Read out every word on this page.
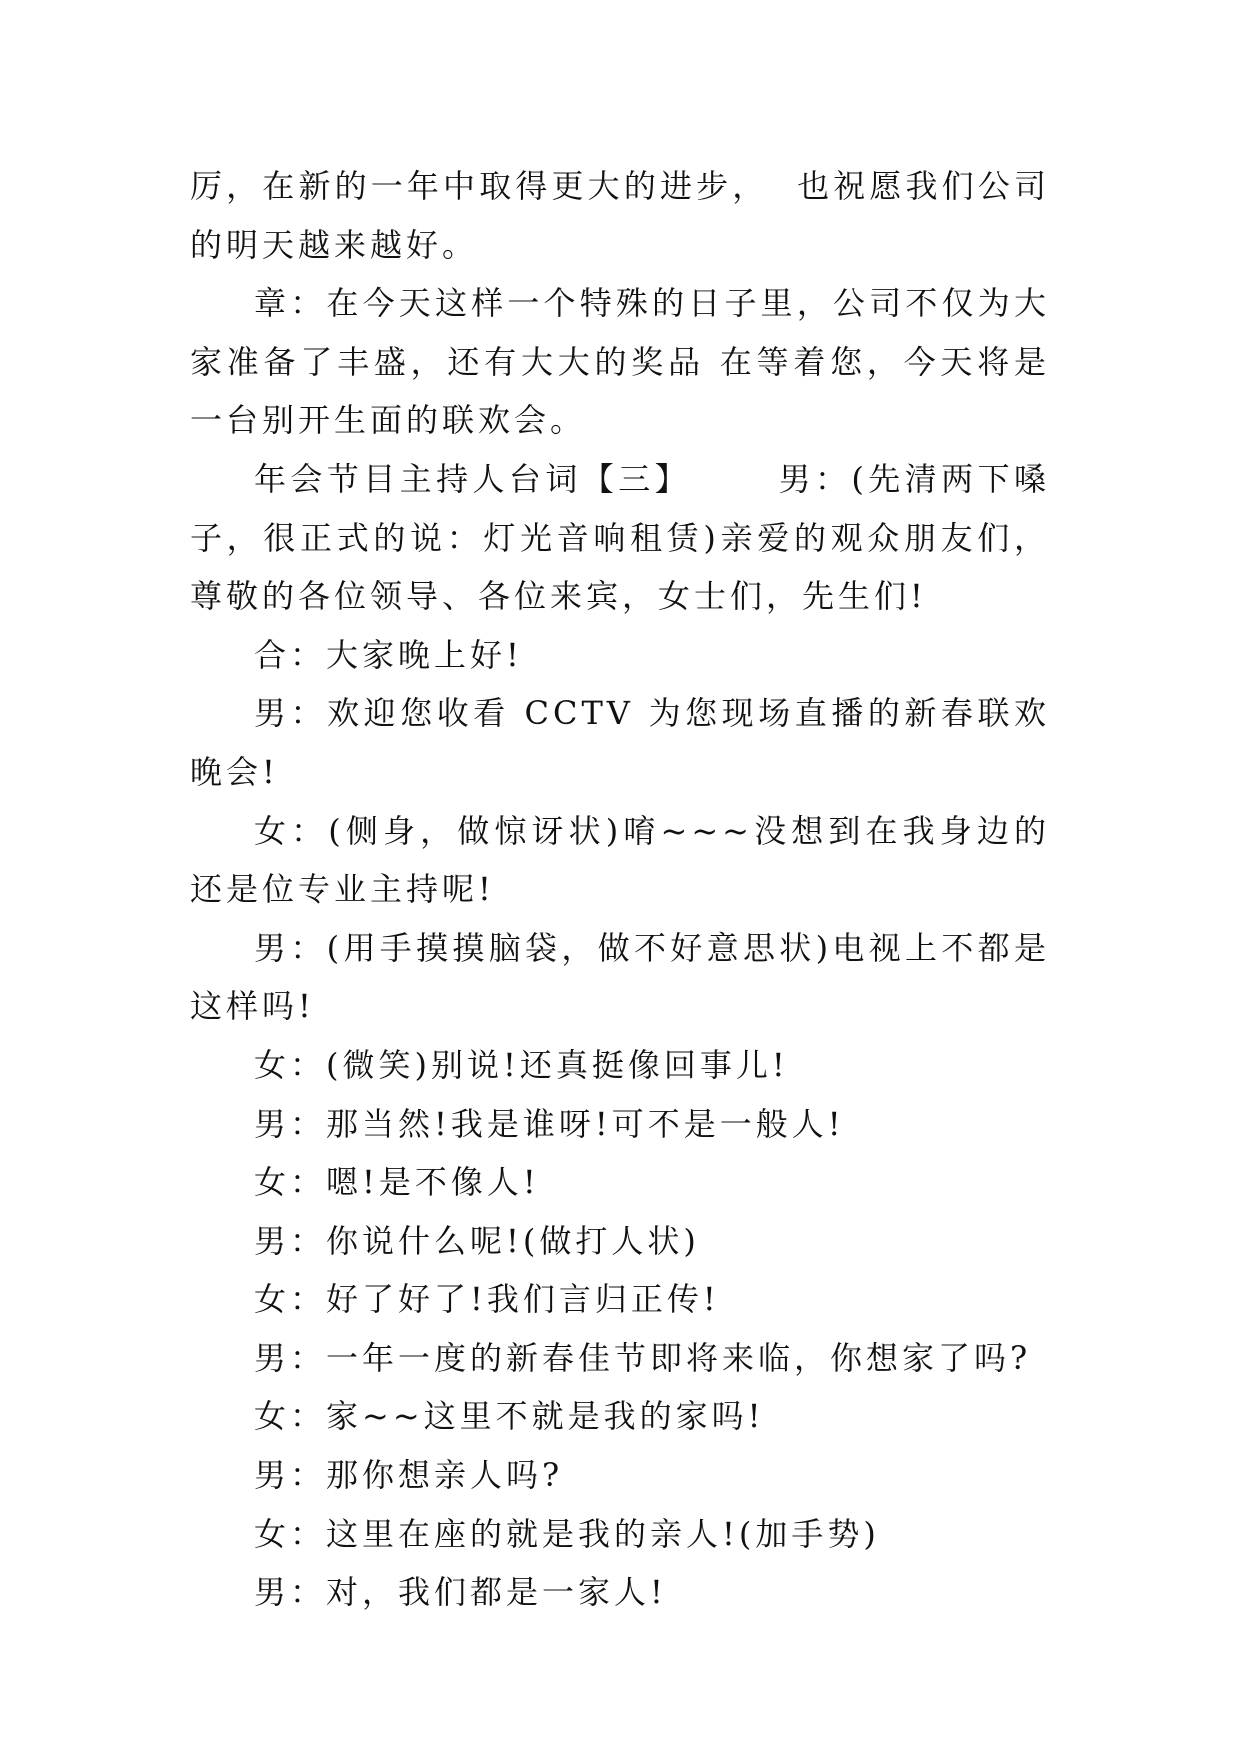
厉，在新的一年中取得更大的进步，  也祝愿我们公司的明天越来越好。

章：在今天这样一个特殊的日子里，公司不仅为大家准备了丰盛，还有大大的奖品 在等着您，今天将是一台别开生面的联欢会。

年会节目主持人台词【三】      男：(先清两下嗓子，很正式的说：灯光音响租赁)亲爱的观众朋友们，尊敬的各位领导、各位来宾，女士们，先生们!

合：大家晚上好!

男：欢迎您收看 CCTV 为您现场直播的新春联欢晚会!

女：(侧身，做惊讶状)唷~~~没想到在我身边的还是位专业主持呢!

男：(用手摸摸脑袋，做不好意思状)电视上不都是这样吗!

女：(微笑)别说!还真挺像回事儿!

男：那当然!我是谁呀!可不是一般人!

女：嗯!是不像人!

男：你说什么呢!(做打人状)

女：好了好了!我们言归正传!

男：一年一度的新春佳节即将来临，你想家了吗?

女：家~~这里不就是我的家吗!

男：那你想亲人吗?

女：这里在座的就是我的亲人!(加手势)

男：对，我们都是一家人!
